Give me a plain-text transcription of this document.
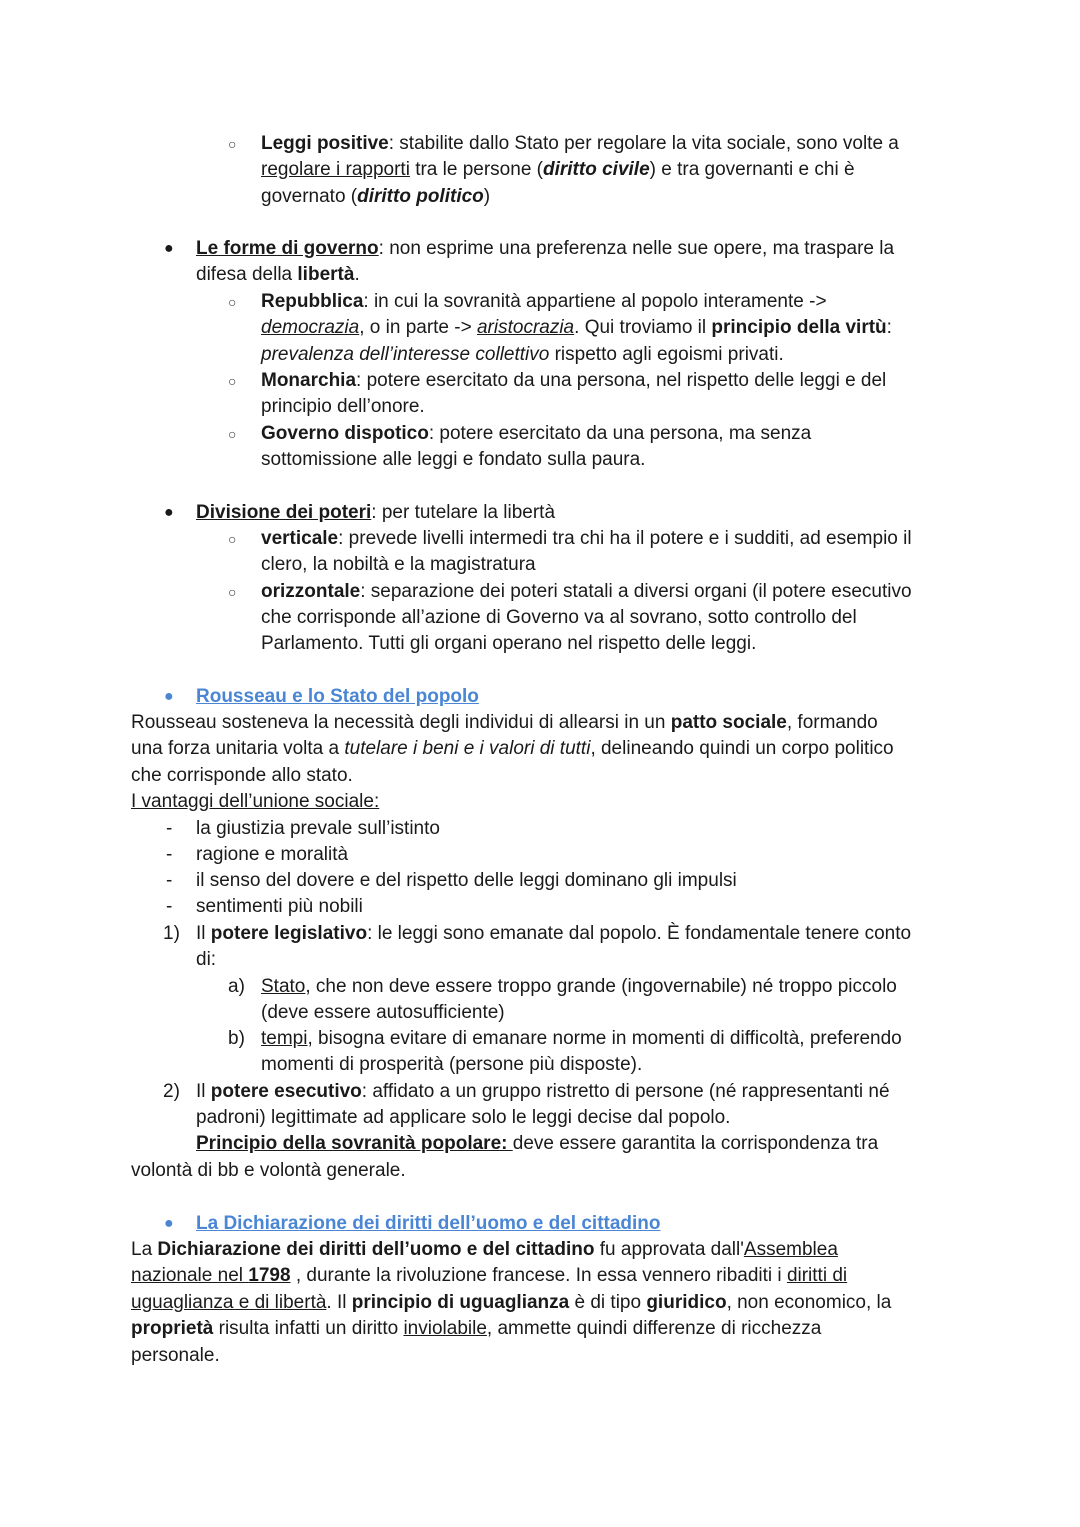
○ Leggi positive: stabilite dallo Stato per regolare la vita sociale, sono volte a
regolare i rapporti tra le persone (diritto civile) e tra governanti e chi è
governato (diritto politico)
● Le forme di governo: non esprime una preferenza nelle sue opere, ma traspare la
difesa della libertà.
○ Repubblica: in cui la sovranità appartiene al popolo interamente ->
democrazia, o in parte -> aristocrazia. Qui troviamo il principio della virtù:
prevalenza dell’interesse collettivo rispetto agli egoismi privati.
○ Monarchia: potere esercitato da una persona, nel rispetto delle leggi e del
principio dell’onore.
○ Governo dispotico: potere esercitato da una persona, ma senza
sottomissione alle leggi e fondato sulla paura.
● Divisione dei poteri: per tutelare la libertà
○ verticale: prevede livelli intermedi tra chi ha il potere e i sudditi, ad esempio il
clero, la nobiltà e la magistratura
○ orizzontale: separazione dei poteri statali a diversi organi (il potere esecutivo
che corrisponde all’azione di Governo va al sovrano, sotto controllo del
Parlamento. Tutti gli organi operano nel rispetto delle leggi.
● Rousseau e lo Stato del popolo
Rousseau sosteneva la necessità degli individui di allearsi in un patto sociale, formando
una forza unitaria volta a tutelare i beni e i valori di tutti, delineando quindi un corpo politico
che corrisponde allo stato.
I vantaggi dell’unione sociale:
- la giustizia prevale sull’istinto
- ragione e moralità
- il senso del dovere e del rispetto delle leggi dominano gli impulsi
- sentimenti più nobili
1) Il potere legislativo: le leggi sono emanate dal popolo. È fondamentale tenere conto
di:
a) Stato, che non deve essere troppo grande (ingovernabile) né troppo piccolo
(deve essere autosufficiente)
b) tempi, bisogna evitare di emanare norme in momenti di difficoltà, preferendo
momenti di prosperità (persone più disposte).
2) Il potere esecutivo: affidato a un gruppo ristretto di persone (né rappresentanti né
padroni) legittimate ad applicare solo le leggi decise dal popolo.
Principio della sovranità popolare: deve essere garantita la corrispondenza tra
volontà di bb e volontà generale.
● La Dichiarazione dei diritti dell’uomo e del cittadino
La Dichiarazione dei diritti dell’uomo e del cittadino fu approvata dall'Assemblea
nazionale nel 1798 , durante la rivoluzione francese. In essa vennero ribaditi i diritti di
uguaglianza e di libertà. Il principio di uguaglianza è di tipo giuridico, non economico, la
proprietà risulta infatti un diritto inviolabile, ammette quindi differenze di ricchezza
personale.
